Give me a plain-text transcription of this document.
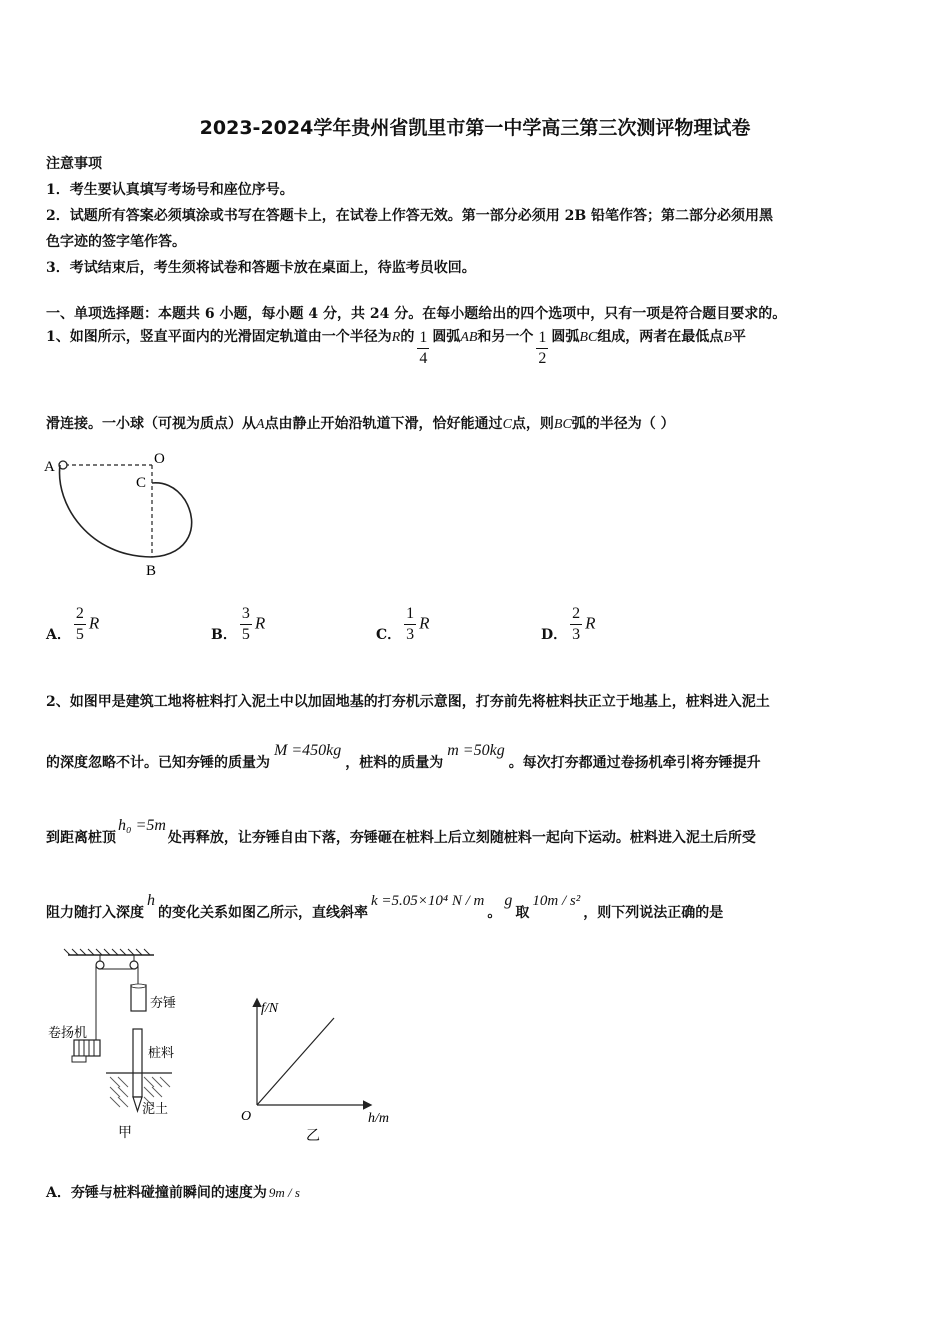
2023-2024学年贵州省凯里市第一中学高三第三次测评物理试卷
注意事项
1．考生要认真填写考场号和座位序号。
2．试题所有答案必须填涂或书写在答题卡上，在试卷上作答无效。第一部分必须用 2B 铅笔作答；第二部分必须用黑
色字迹的签字笔作答。
3．考试结束后，考生须将试卷和答题卡放在桌面上，待监考员收回。
一、单项选择题：本题共 6 小题，每小题 4 分，共 24 分。在每小题给出的四个选项中，只有一项是符合题目要求的。
1、如图所示，竖直平面内的光滑固定轨道由一个半径为R的 $\frac{1}{4}$ 圆弧AB和另一个 $\frac{1}{2}$ 圆弧BC组成，两者在最低点B平
滑连接。一小球（可视为质点）从A点由静止开始沿轨道下滑，恰好能通过C点，则BC弧的半径为（ ）
A	O
C
B
A． $\frac{2}{5}$ R
B． $\frac{3}{5}$ R
C． $\frac{1}{3}$ R
D． $\frac{2}{3}$ R
2、如图甲是建筑工地将桩料打入泥土中以加固地基的打夯机示意图，打夯前先将桩料扶正立于地基上，桩料进入泥土
的深度忽略不计。已知夯锤的质量为M =450kg，桩料的质量为m =50kg。每次打夯都通过卷扬机牵引将夯锤提升
到距离桩顶h₀ =5m处再释放，让夯锤自由下落，夯锤砸在桩料上后立刻随桩料一起向下运动。桩料进入泥土后所受
阻力随打入深度h的变化关系如图乙所示，直线斜率k =5.05×10⁴ N / m。g取10m / s²，则下列说法正确的是
夯锤
卷扬机
桩料
泥土
甲
f/N
h/m
O
乙
A．夯锤与桩料碰撞前瞬间的速度为 9m / s
